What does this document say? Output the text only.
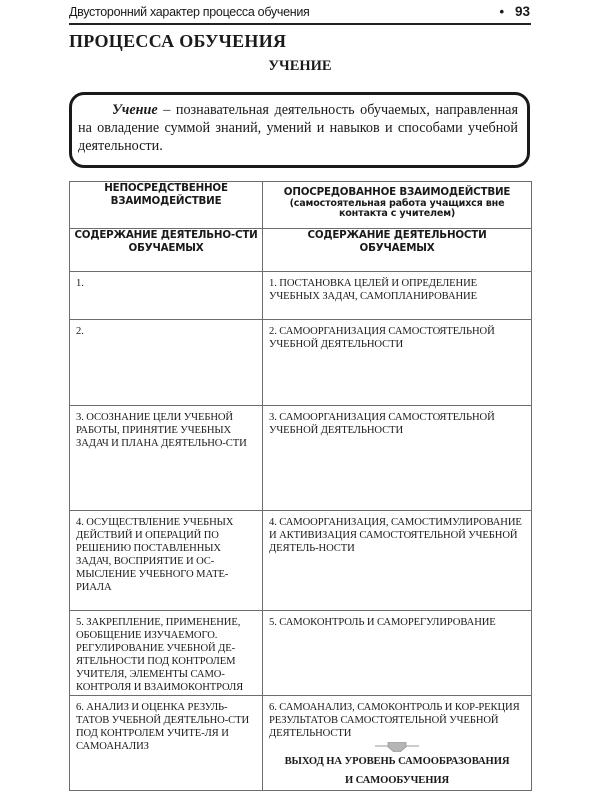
Двусторонний характер процесса обучения	• 93
ПРОЦЕССА ОБУЧЕНИЯ
УЧЕНИЕ

Учение – познавательная деятельность обучаемых, направленная на овладение суммой знаний, умений и навыков и способами учебной деятельности.

НЕПОСРЕДСТВЕННОЕ ВЗАИМОДЕЙСТВИЕ	ОПОСРЕДОВАННОЕ ВЗАИМОДЕЙСТВИЕ
(самостоятельная работа учащихся вне контакта с учителем)

СОДЕРЖАНИЕ ДЕЯТЕЛЬНО-СТИ ОБУЧАЕМЫХ	СОДЕРЖАНИЕ ДЕЯТЕЛЬНОСТИ ОБУЧАЕМЫХ
1.	1. ПОСТАНОВКА ЦЕЛЕЙ И ОПРЕДЕЛЕНИЕ УЧЕБНЫХ ЗАДАЧ, САМОПЛАНИРОВАНИЕ
2.	2. САМООРГАНИЗАЦИЯ САМОСТОЯТЕЛЬНОЙ УЧЕБНОЙ ДЕЯТЕЛЬНОСТИ
3. ОСОЗНАНИЕ ЦЕЛИ УЧЕБНОЙ РАБОТЫ, ПРИНЯТИЕ УЧЕБНЫХ ЗАДАЧ И ПЛАНА ДЕЯТЕЛЬНО-СТИ	3. САМООРГАНИЗАЦИЯ САМОСТОЯТЕЛЬНОЙ УЧЕБНОЙ ДЕЯТЕЛЬНОСТИ
4. ОСУЩЕСТВЛЕНИЕ УЧЕБНЫХ ДЕЙСТВИЙ И ОПЕРАЦИЙ ПО РЕШЕНИЮ ПОСТАВЛЕННЫХ ЗАДАЧ, ВОСПРИЯТИЕ И ОС-МЫСЛЕНИЕ УЧЕБНОГО МАТЕ-РИАЛА	4. САМООРГАНИЗАЦИЯ, САМОСТИМУЛИРОВАНИЕ И АКТИВИЗАЦИЯ САМОСТОЯТЕЛЬНОЙ УЧЕБНОЙ ДЕЯТЕЛЬ-НОСТИ
5. ЗАКРЕПЛЕНИЕ, ПРИМЕНЕНИЕ, ОБОБЩЕНИЕ ИЗУЧАЕМОГО. РЕГУЛИРОВАНИЕ УЧЕБНОЙ ДЕ-ЯТЕЛЬНОСТИ ПОД КОНТРОЛЕМ УЧИТЕЛЯ, ЭЛЕМЕНТЫ САМО-КОНТРОЛЯ И ВЗАИМОКОНТРОЛЯ	5. САМОКОНТРОЛЬ И САМОРЕГУЛИРОВАНИЕ
6. АНАЛИЗ И ОЦЕНКА РЕЗУЛЬ-ТАТОВ УЧЕБНОЙ ДЕЯТЕЛЬНО-СТИ ПОД КОНТРОЛЕМ УЧИТЕ-ЛЯ И САМОАНАЛИЗ	6. САМОАНАЛИЗ, САМОКОНТРОЛЬ И КОР-РЕКЦИЯ РЕЗУЛЬТАТОВ САМОСТОЯТЕЛЬНОЙ УЧЕБНОЙ ДЕЯТЕЛЬНОСТИ
ВЫХОД НА УРОВЕНЬ САМООБРАЗОВАНИЯ
И САМООБУЧЕНИЯ
